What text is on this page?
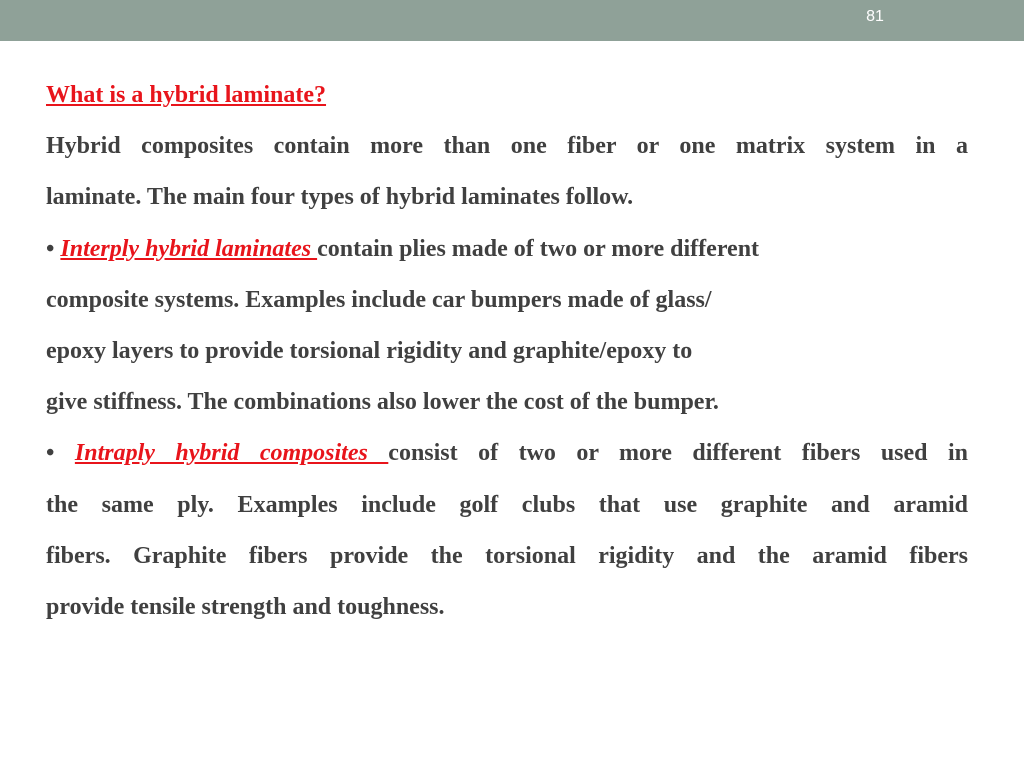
81
What is a hybrid laminate?
Hybrid composites contain more than one fiber or one matrix system in a
laminate. The main four types of hybrid laminates follow.
• Interply hybrid laminates contain plies made of two or more different
composite systems. Examples include car bumpers made of glass/
epoxy layers to provide torsional rigidity and graphite/epoxy to
give stiffness. The combinations also lower the cost of the bumper.
• Intraply hybrid composites consist of two or more different fibers used in
the same ply. Examples include golf clubs that use graphite and aramid
fibers. Graphite fibers provide the torsional rigidity and the aramid fibers
provide tensile strength and toughness.
